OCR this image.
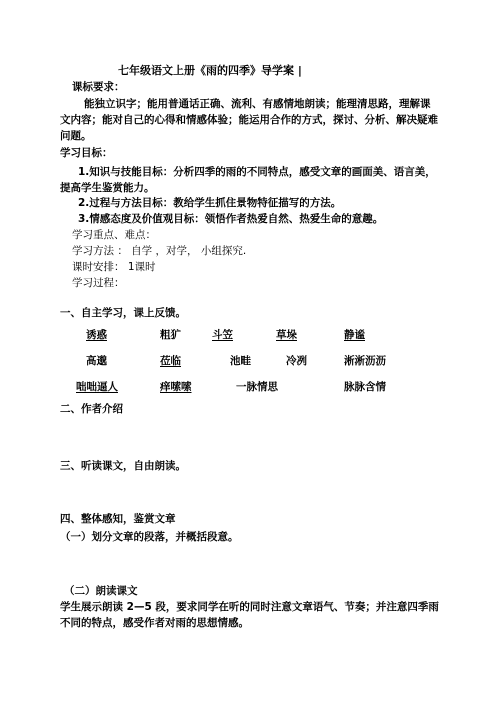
七年级语文上册《雨的四季》导学案 |
课标要求：
能独立识字；能用普通话正确、流利、有感情地朗读；能理清思路，理解课文内容；能对自己的心得和情感体验；能运用合作的方式，探讨、分析、解决疑难问题。
学习目标：
1.知识与技能目标：分析四季的雨的不同特点，感受文章的画面美、语言美，提高学生鉴赏能力。
2.过程与方法目标：教给学生抓住景物特征描写的方法。
3.情感态度及价值观目标：领悟作者热爱自然、热爱生命的意趣。
学习重点、难点：
学习方法 ： 自学 ，对学， 小组探究.
课时安排： 1课时
学习过程：
一、自主学习，课上反馈。
诱惑	粗犷	斗笠	草垛	静谧
高邈	莅临	池畦	冷冽	淅淅沥沥
咄咄逼人	痒嗦嗦	一脉情思	脉脉含情
二、作者介绍
三、听读课文，自由朗读。
四、整体感知，鉴赏文章
（一）划分文章的段落，并概括段意。
（二）朗读课文
学生展示朗读 2—5 段，要求同学在听的同时注意文章语气、节奏；并注意四季雨不同的特点，感受作者对雨的思想情感。
